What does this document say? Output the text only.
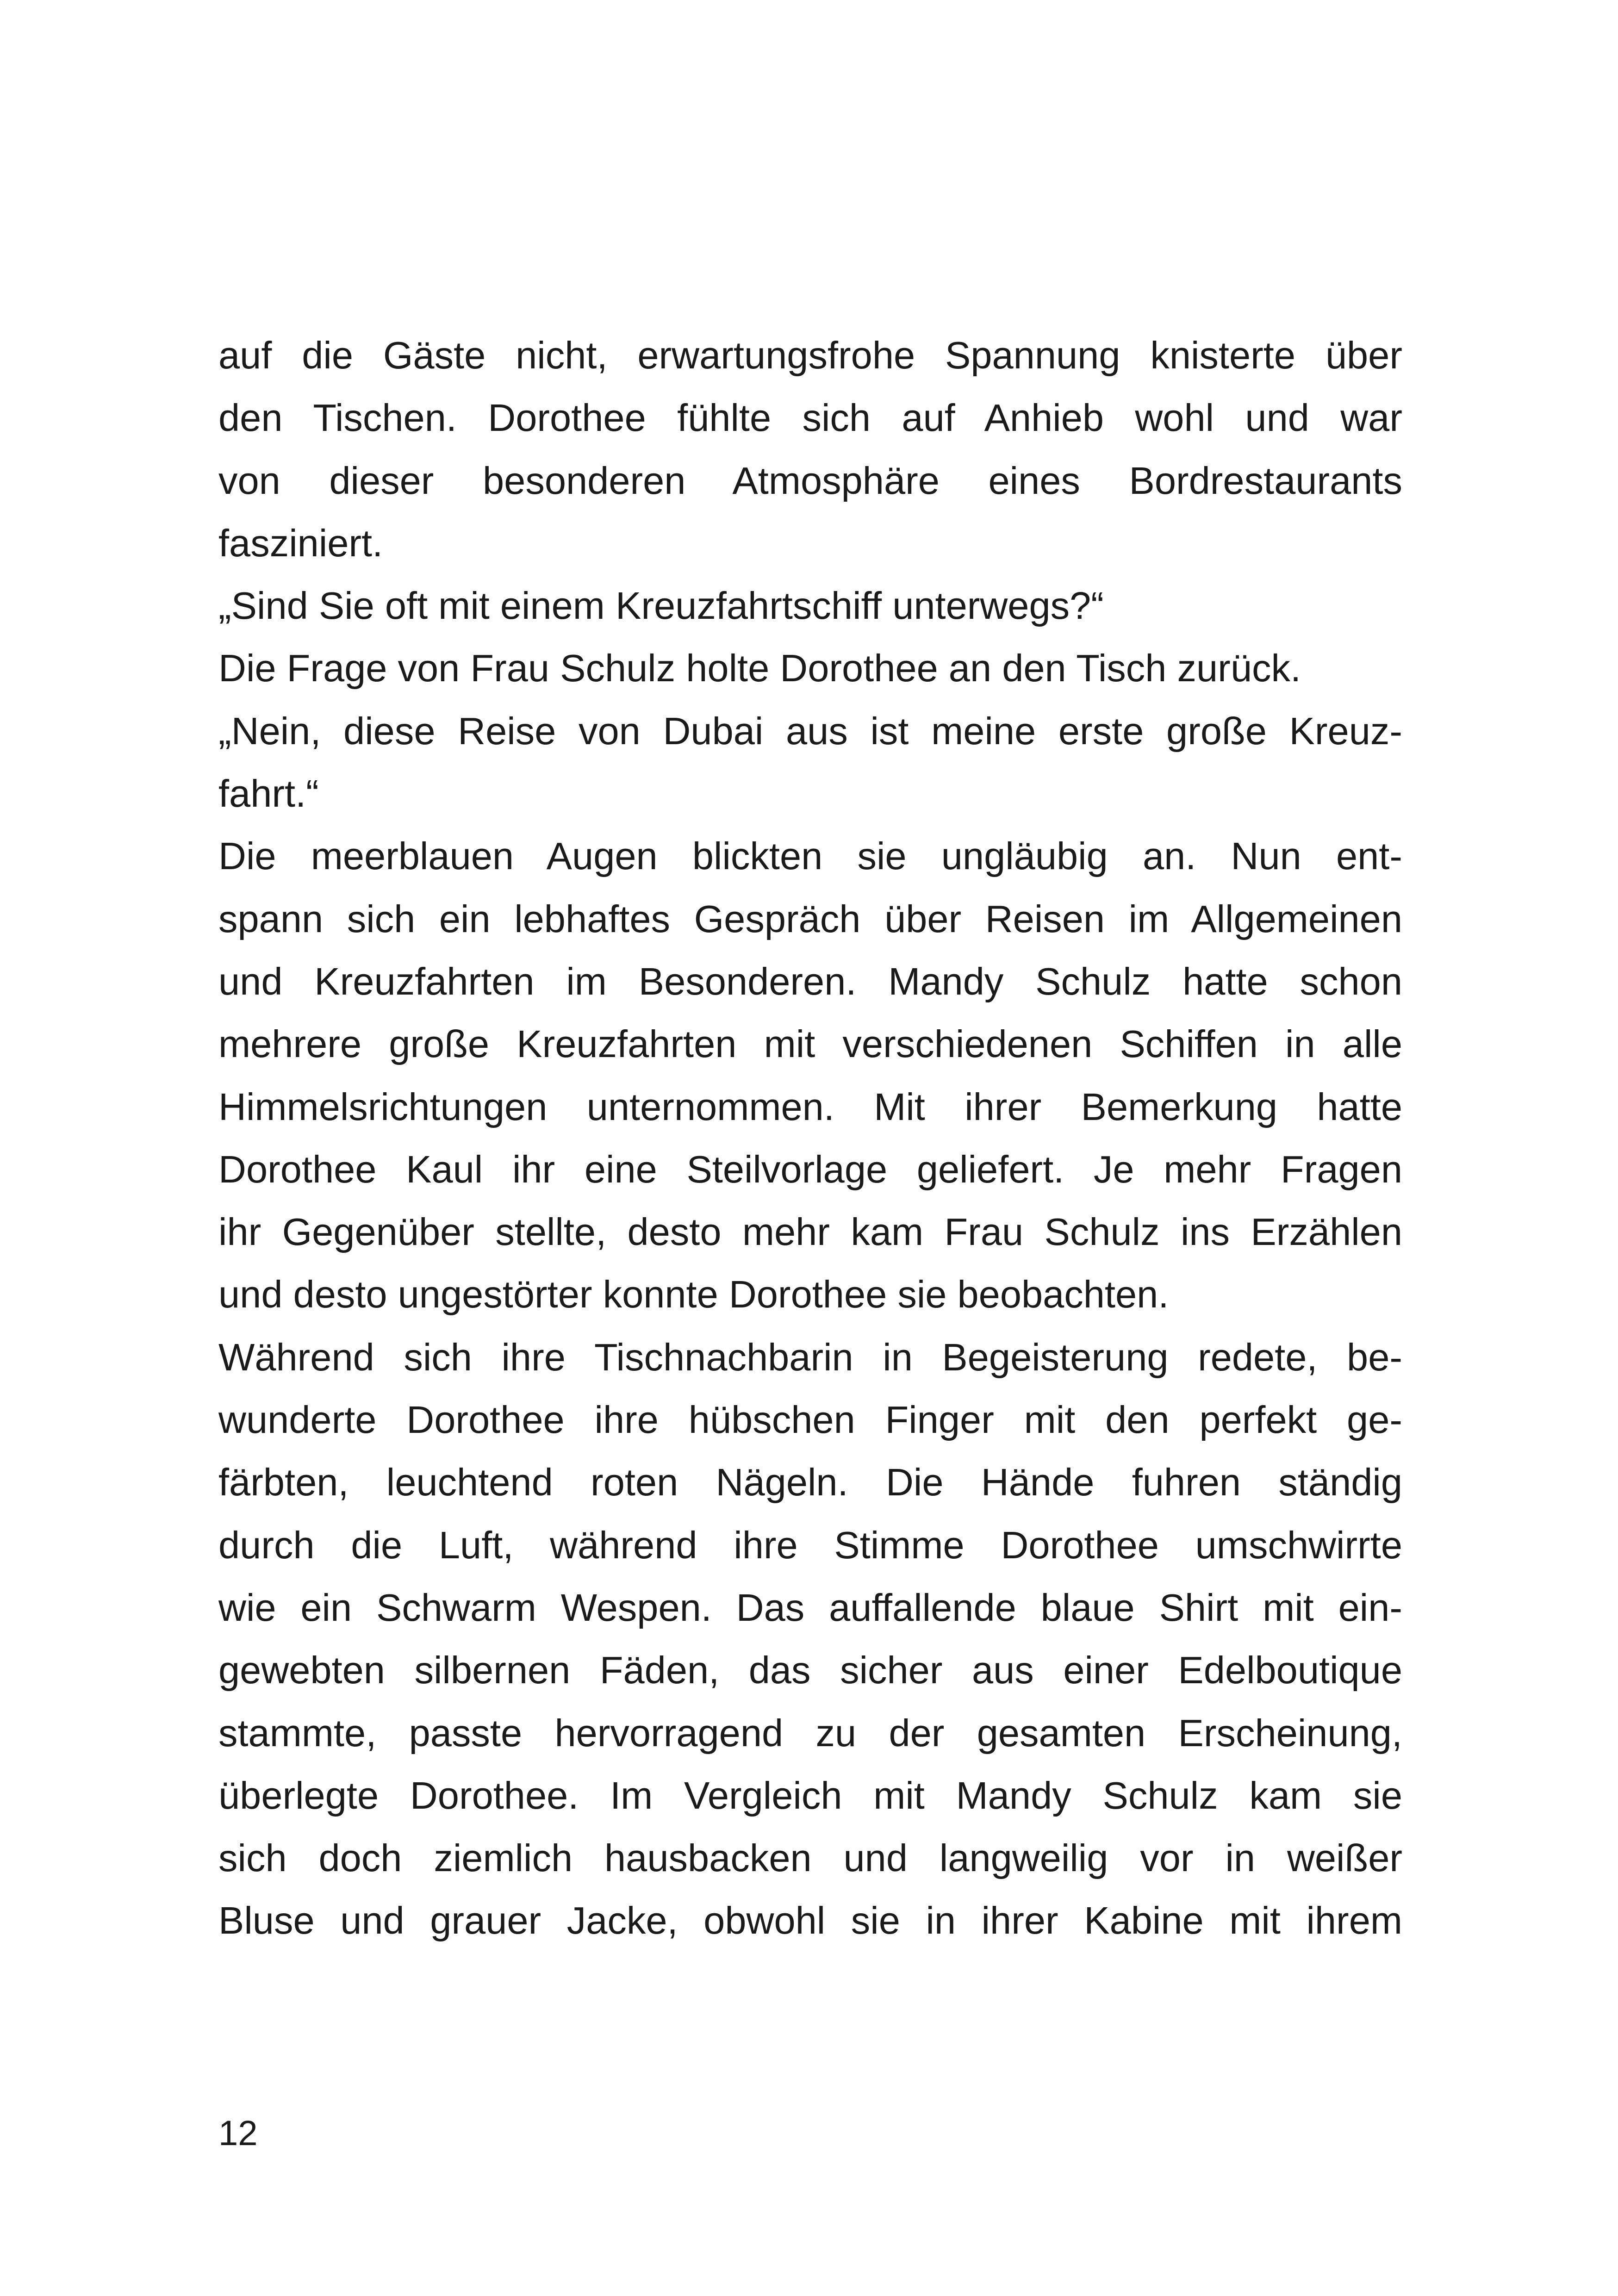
auf die Gäste nicht, erwartungsfrohe Spannung knisterte über
den Tischen. Dorothee fühlte sich auf Anhieb wohl und war
von dieser besonderen Atmosphäre eines Bordrestaurants
fasziniert.
„Sind Sie oft mit einem Kreuzfahrtschiff unterwegs?“
Die Frage von Frau Schulz holte Dorothee an den Tisch zurück.
„Nein, diese Reise von Dubai aus ist meine erste große Kreuz-
fahrt.“
Die meerblauen Augen blickten sie ungläubig an. Nun ent-
spann sich ein lebhaftes Gespräch über Reisen im Allgemeinen
und Kreuzfahrten im Besonderen. Mandy Schulz hatte schon
mehrere große Kreuzfahrten mit verschiedenen Schiffen in alle
Himmelsrichtungen unternommen. Mit ihrer Bemerkung hatte
Dorothee Kaul ihr eine Steilvorlage geliefert. Je mehr Fragen
ihr Gegenüber stellte, desto mehr kam Frau Schulz ins Erzählen
und desto ungestörter konnte Dorothee sie beobachten.
Während sich ihre Tischnachbarin in Begeisterung redete, be-
wunderte Dorothee ihre hübschen Finger mit den perfekt ge-
färbten, leuchtend roten Nägeln. Die Hände fuhren ständig
durch die Luft, während ihre Stimme Dorothee umschwirrte
wie ein Schwarm Wespen. Das auffallende blaue Shirt mit ein-
gewebten silbernen Fäden, das sicher aus einer Edelboutique
stammte, passte hervorragend zu der gesamten Erscheinung,
überlegte Dorothee. Im Vergleich mit Mandy Schulz kam sie
sich doch ziemlich hausbacken und langweilig vor in weißer
Bluse und grauer Jacke, obwohl sie in ihrer Kabine mit ihrem
12
